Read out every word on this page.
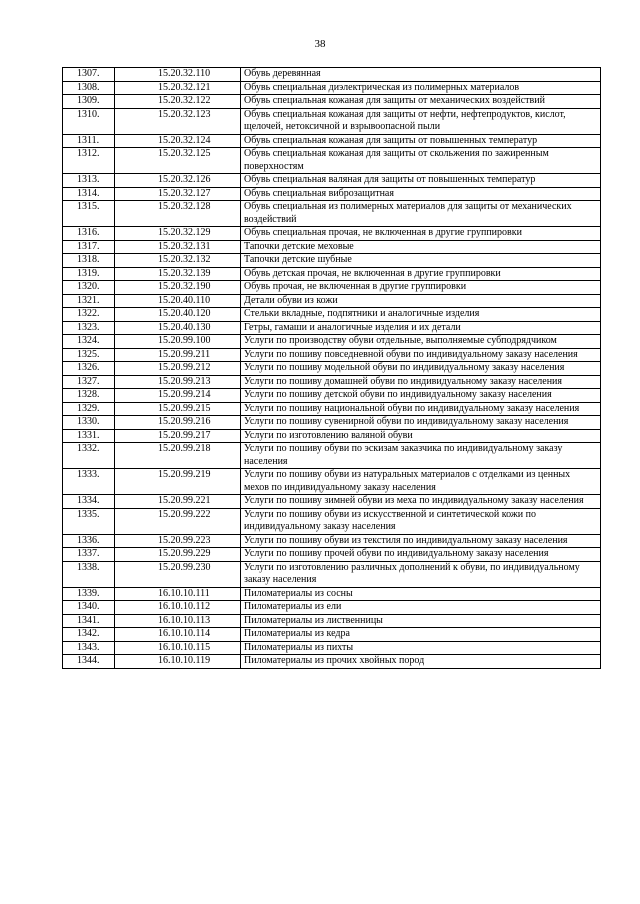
38
1307.	15.20.32.110	Обувь деревянная
1308.	15.20.32.121	Обувь специальная диэлектрическая из полимерных материалов
1309.	15.20.32.122	Обувь специальная кожаная для защиты от механических воздействий
1310.	15.20.32.123	Обувь специальная кожаная для защиты от нефти, нефтепродуктов, кислот, щелочей, нетоксичной и взрывоопасной пыли
1311.	15.20.32.124	Обувь специальная кожаная для защиты от повышенных температур
1312.	15.20.32.125	Обувь специальная кожаная для защиты от скольжения по зажиренным поверхностям
1313.	15.20.32.126	Обувь специальная валяная для защиты от повышенных температур
1314.	15.20.32.127	Обувь специальная виброзащитная
1315.	15.20.32.128	Обувь специальная из полимерных материалов для защиты от механических воздействий
1316.	15.20.32.129	Обувь специальная прочая, не включенная в другие группировки
1317.	15.20.32.131	Тапочки детские меховые
1318.	15.20.32.132	Тапочки детские шубные
1319.	15.20.32.139	Обувь детская прочая, не включенная в другие группировки
1320.	15.20.32.190	Обувь прочая, не включенная в другие группировки
1321.	15.20.40.110	Детали обуви из кожи
1322.	15.20.40.120	Стельки вкладные, подпятники и аналогичные изделия
1323.	15.20.40.130	Гетры, гамаши и аналогичные изделия и их детали
1324.	15.20.99.100	Услуги по производству обуви отдельные, выполняемые субподрядчиком
1325.	15.20.99.211	Услуги по пошиву повседневной обуви по индивидуальному заказу населения
1326.	15.20.99.212	Услуги по пошиву модельной обуви по индивидуальному заказу населения
1327.	15.20.99.213	Услуги по пошиву домашней обуви по индивидуальному заказу населения
1328.	15.20.99.214	Услуги по пошиву детской обуви по индивидуальному заказу населения
1329.	15.20.99.215	Услуги по пошиву национальной обуви по индивидуальному заказу населения
1330.	15.20.99.216	Услуги по пошиву сувенирной обуви по индивидуальному заказу населения
1331.	15.20.99.217	Услуги по изготовлению валяной обуви
1332.	15.20.99.218	Услуги по пошиву обуви по эскизам заказчика по индивидуальному заказу населения
1333.	15.20.99.219	Услуги по пошиву обуви из натуральных материалов с отделками из ценных мехов по индивидуальному заказу населения
1334.	15.20.99.221	Услуги по пошиву зимней обуви из меха по индивидуальному заказу населения
1335.	15.20.99.222	Услуги по пошиву обуви из искусственной и синтетической кожи по индивидуальному заказу населения
1336.	15.20.99.223	Услуги по пошиву обуви из текстиля по индивидуальному заказу населения
1337.	15.20.99.229	Услуги по пошиву прочей обуви по индивидуальному заказу населения
1338.	15.20.99.230	Услуги по изготовлению различных дополнений к обуви, по индивидуальному заказу населения
1339.	16.10.10.111	Пиломатериалы из сосны
1340.	16.10.10.112	Пиломатериалы из ели
1341.	16.10.10.113	Пиломатериалы из лиственницы
1342.	16.10.10.114	Пиломатериалы из кедра
1343.	16.10.10.115	Пиломатериалы из пихты
1344.	16.10.10.119	Пиломатериалы из прочих хвойных пород
